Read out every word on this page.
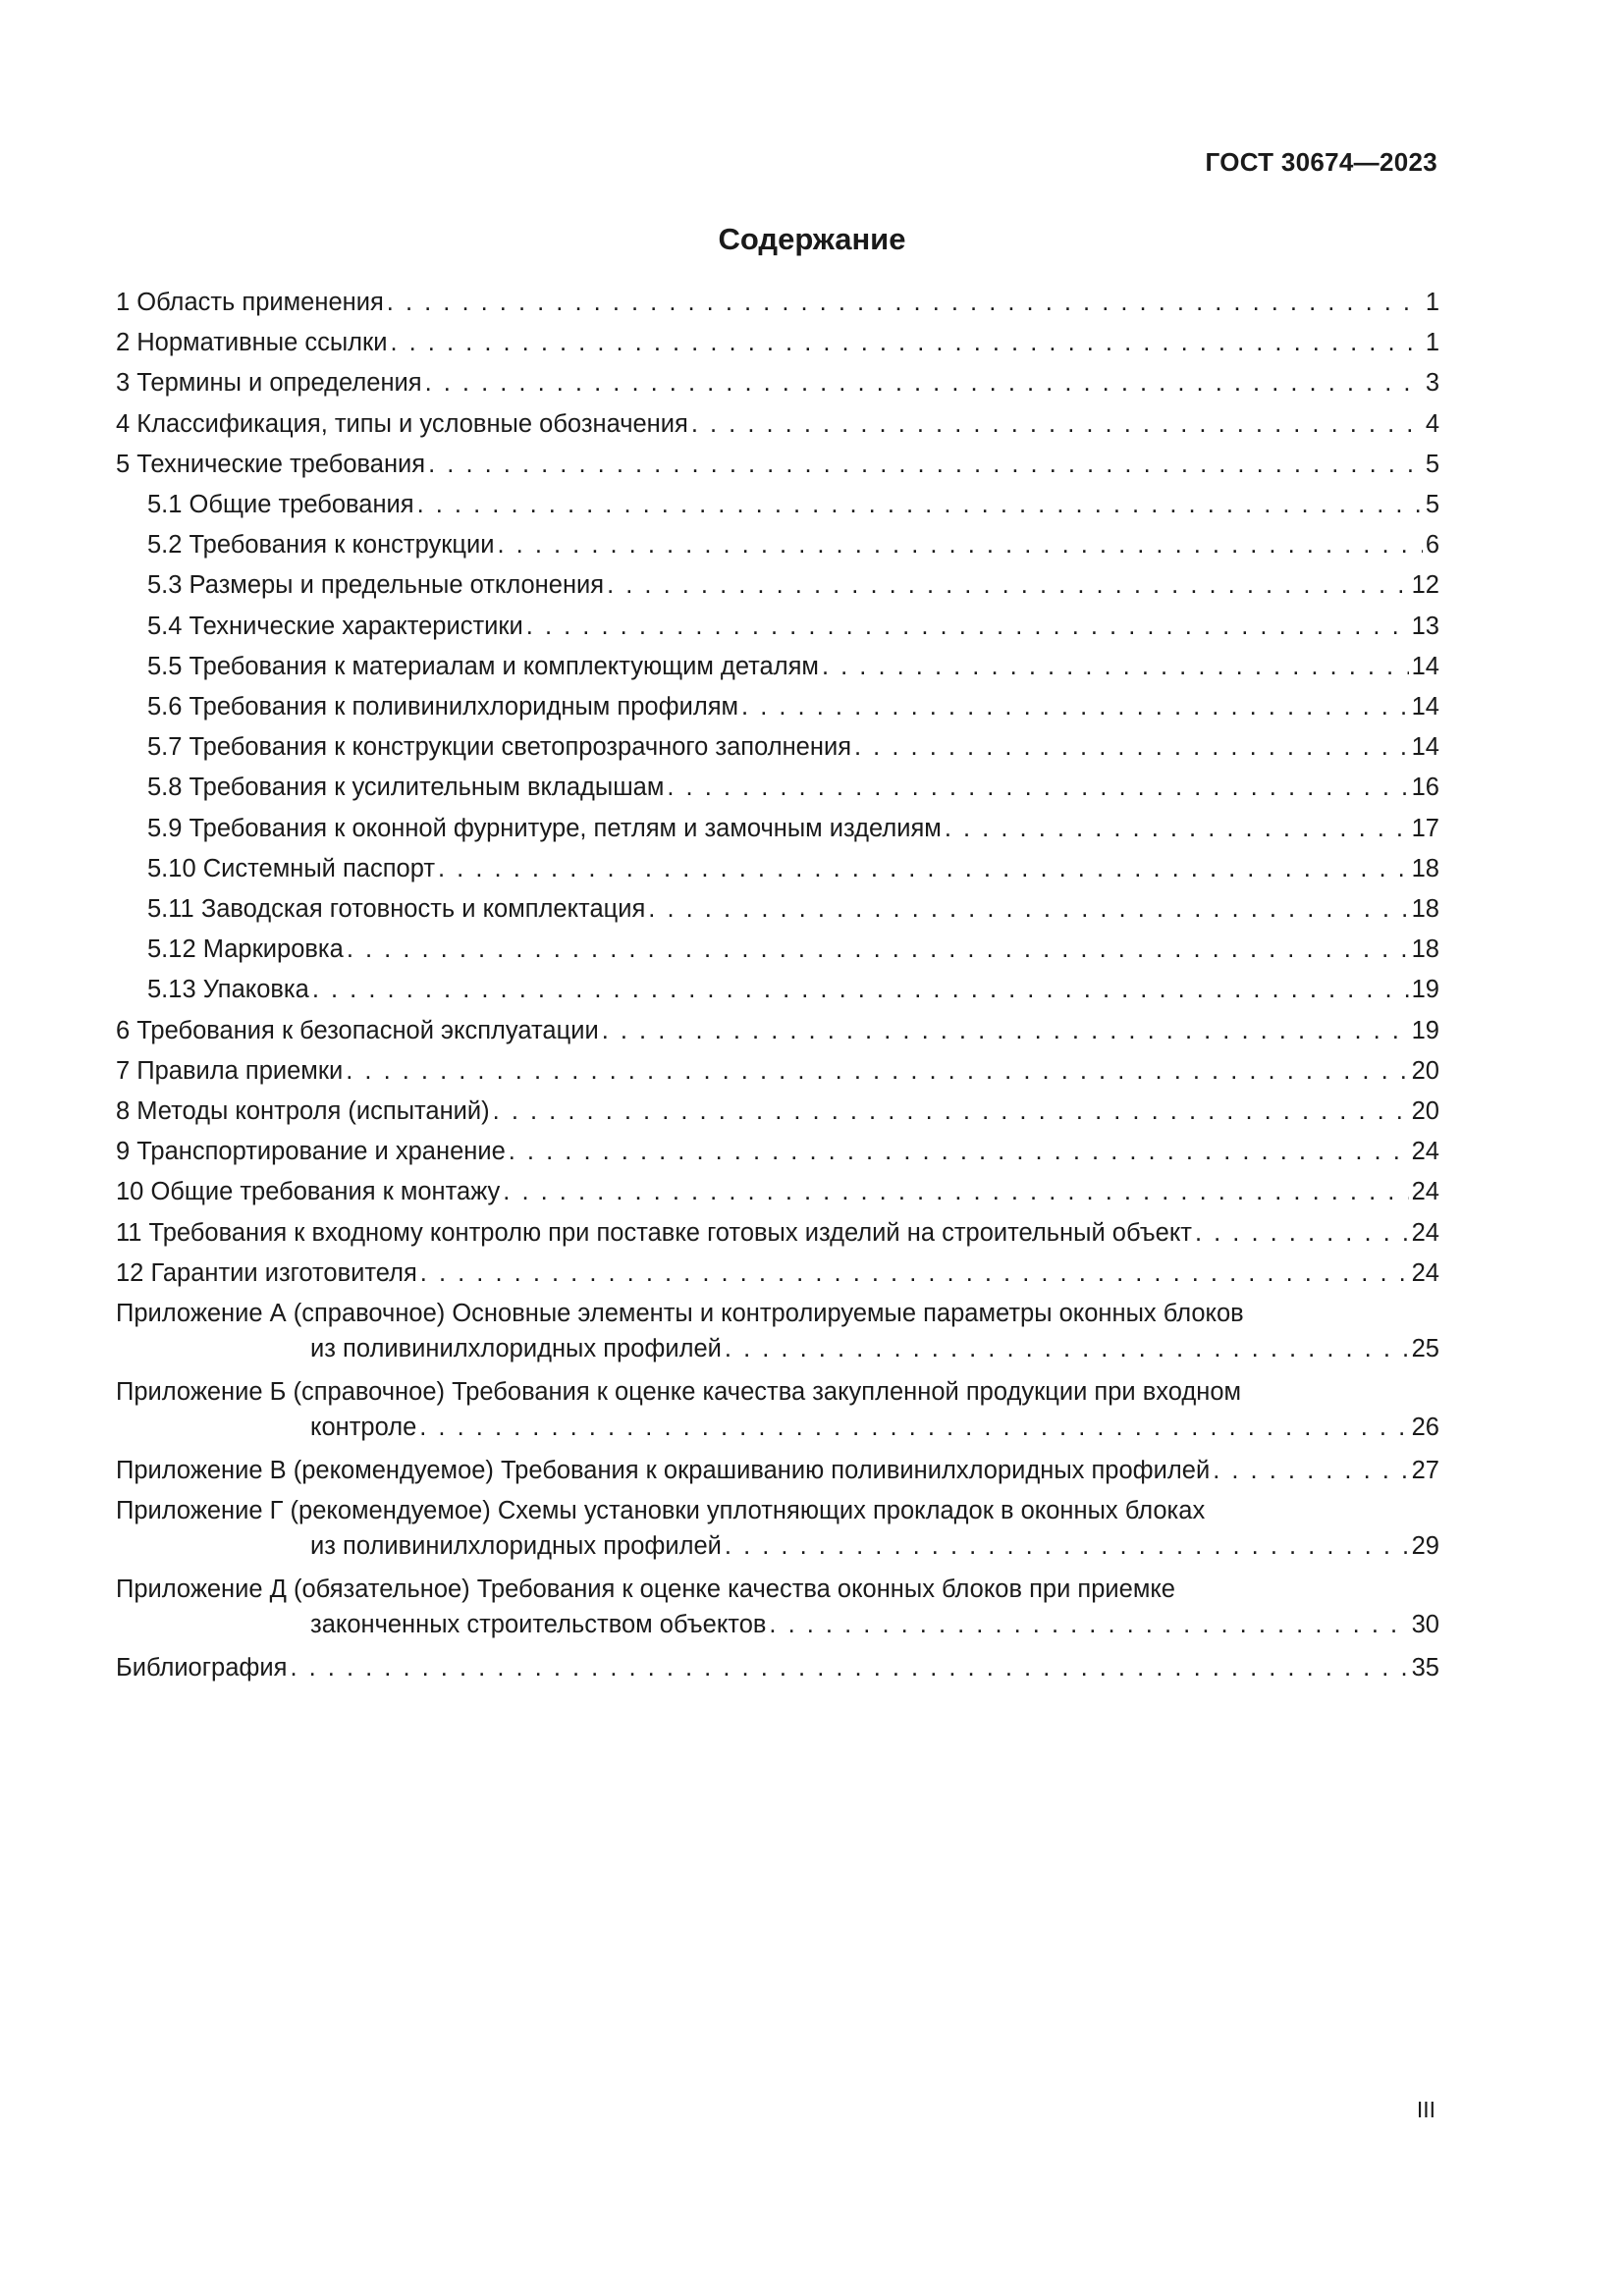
ГОСТ 30674—2023
Содержание
1 Область применения . . .	1
2 Нормативные ссылки . . .	1
3 Термины и определения . . .	3
4 Классификация, типы и условные обозначения . . .	4
5 Технические требования . . .	5
5.1 Общие требования . . .	5
5.2 Требования к конструкции . . .	6
5.3 Размеры и предельные отклонения . . .	12
5.4 Технические характеристики . . .	13
5.5 Требования к материалам и комплектующим деталям . . .	14
5.6 Требования к поливинилхлоридным профилям . . .	14
5.7 Требования к конструкции светопрозрачного заполнения . . .	14
5.8 Требования к усилительным вкладышам . . .	16
5.9 Требования к оконной фурнитуре, петлям и замочным изделиям . . .	17
5.10 Системный паспорт . . .	18
5.11 Заводская готовность и комплектация . . .	18
5.12 Маркировка . . .	18
5.13 Упаковка . . .	19
6 Требования к безопасной эксплуатации . . .	19
7 Правила приемки . . .	20
8 Методы контроля (испытаний) . . .	20
9 Транспортирование и хранение . . .	24
10 Общие требования к монтажу . . .	24
11 Требования к входному контролю при поставке готовых изделий на строительный объект . . .	24
12 Гарантии изготовителя . . .	24
Приложение А (справочное) Основные элементы и контролируемые параметры оконных блоков
из поливинилхлоридных профилей . . .	25
Приложение Б (справочное) Требования к оценке качества закупленной продукции при входном
контроле . . .	26
Приложение В (рекомендуемое) Требования к окрашиванию поливинилхлоридных профилей . . .	27
Приложение Г (рекомендуемое) Схемы установки уплотняющих прокладок в оконных блоках
из поливинилхлоридных профилей . . .	29
Приложение Д (обязательное) Требования к оценке качества оконных блоков при приемке
законченных строительством объектов . . .	30
Библиография . . .	35
III
